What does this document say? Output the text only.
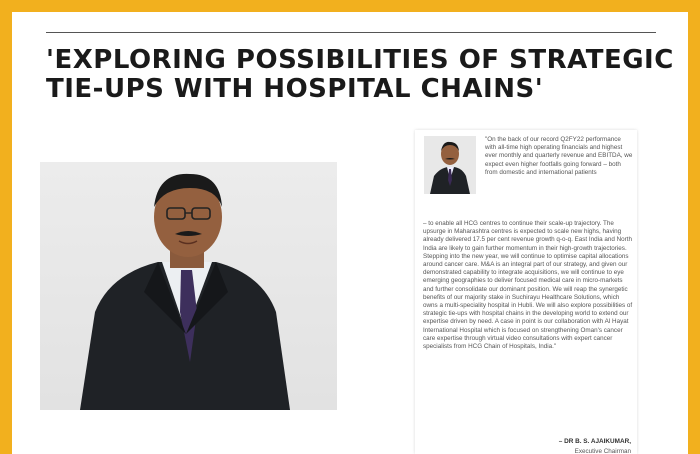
'EXPLORING POSSIBILITIES OF STRATEGIC
TIE-UPS WITH HOSPITAL CHAINS'

"On the back of our record Q2FY22 performance with all-time high operating financials and highest ever monthly and quarterly revenue and EBITDA, we expect even higher footfalls going forward – both from domestic and international patients

– to enable all HCG centres to continue their scale-up trajectory. The upsurge in Maharashtra centres is expected to scale new highs, having already delivered 17.5 per cent revenue growth q-o-q. East India and North India are likely to gain further momentum in their high-growth trajectories. Stepping into the new year, we will continue to optimise capital allocations around cancer care. M&A is an integral part of our strategy, and given our demonstrated capability to integrate acquisitions, we will continue to eye emerging geographies to deliver focused medical care in micro-markets and further consolidate our dominant position. We will reap the synergetic benefits of our majority stake in Suchirayu Healthcare Solutions, which owns a multi-speciality hospital in Hubli. We will also explore possibilities of strategic tie-ups with hospital chains in the developing world to extend our expertise driven by need. A case in point is our collaboration with Al Hayat International Hospital which is focused on strengthening Oman's cancer care expertise through virtual video consultations with expert cancer specialists from HCG Chain of Hospitals, India."

– DR B. S. AJAIKUMAR,
Executive Chairman
